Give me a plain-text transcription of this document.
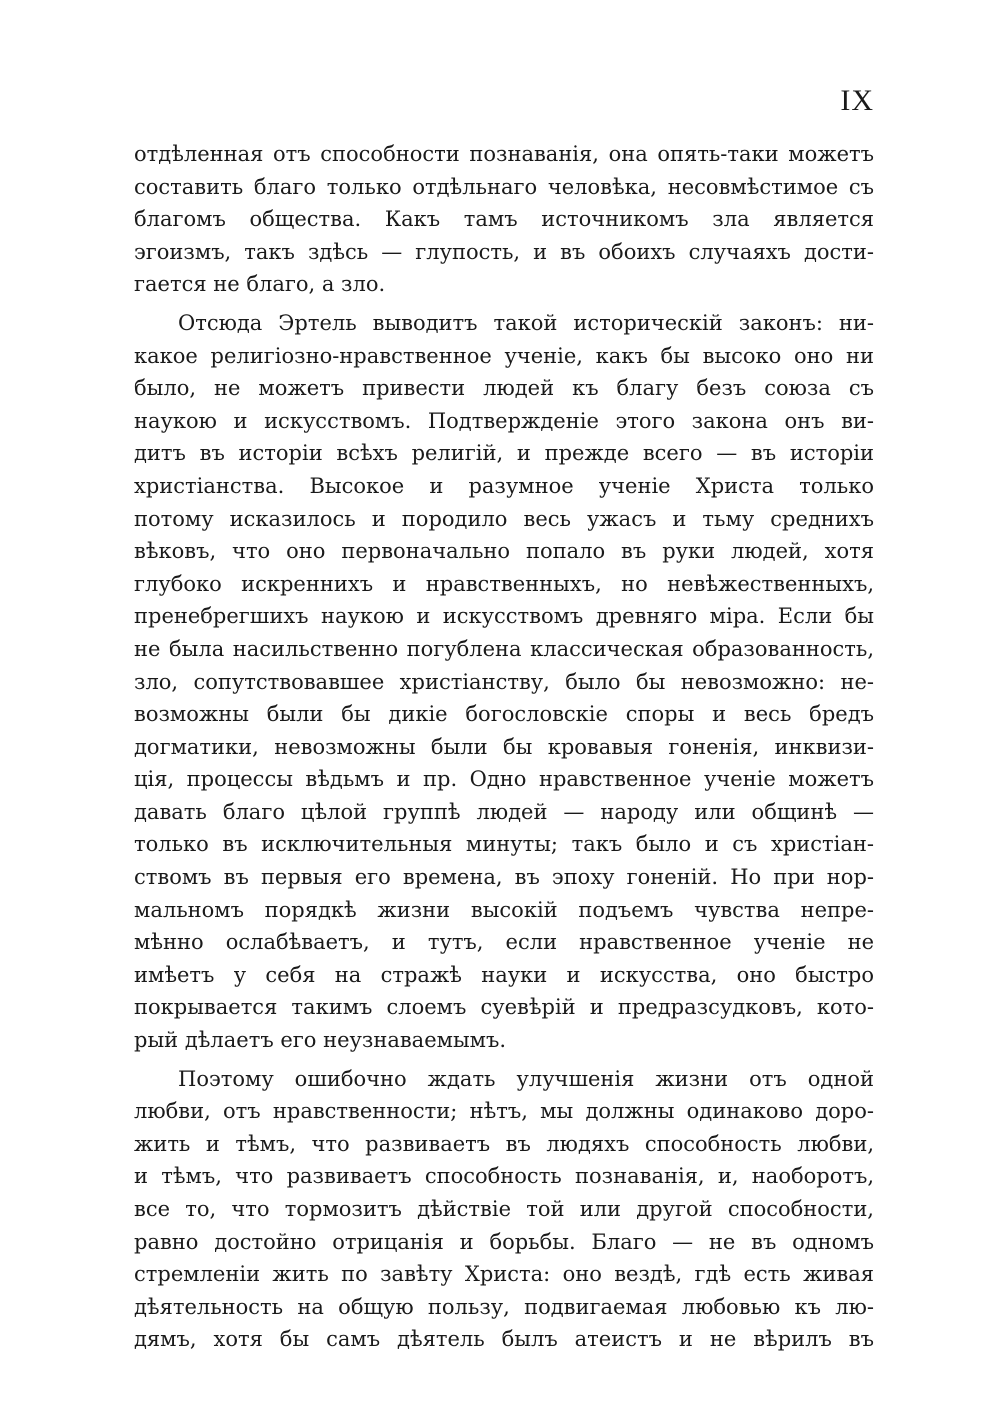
IX
отдѣленная отъ способности познаванія, она опять-таки можетъ
составить благо только отдѣльнаго человѣка, несовмѣстимое съ
благомъ общества. Какъ тамъ источникомъ зла является
эгоизмъ, такъ здѣсь — глупость, и въ обоихъ случаяхъ дости-
гается не благо, а зло.
Отсюда Эртель выводитъ такой историческій законъ: ни-
какое религіозно-нравственное ученіе, какъ бы высоко оно ни
было, не можетъ привести людей къ благу безъ союза съ
наукою и искусствомъ. Подтвержденіе этого закона онъ ви-
дитъ въ исторіи всѣхъ религій, и прежде всего — въ исторіи
христіанства. Высокое и разумное ученіе Христа только
потому исказилось и породило весь ужасъ и тьму среднихъ
вѣковъ, что оно первоначально попало въ руки людей, хотя
глубоко искреннихъ и нравственныхъ, но невѣжественныхъ,
пренебрегшихъ наукою и искусствомъ древняго міра. Если бы
не была насильственно погублена классическая образованность,
зло, сопутствовавшее христіанству, было бы невозможно: не-
возможны были бы дикіе богословскіе споры и весь бредъ
догматики, невозможны были бы кровавыя гоненія, инквизи-
ція, процессы вѣдьмъ и пр. Одно нравственное ученіе можетъ
давать благо цѣлой группѣ людей — народу или общинѣ —
только въ исключительныя минуты; такъ было и съ христіан-
ствомъ въ первыя его времена, въ эпоху гоненій. Но при нор-
мальномъ порядкѣ жизни высокій подъемъ чувства непре-
мѣнно ослабѣваетъ, и тутъ, если нравственное ученіе не
имѣетъ у себя на стражѣ науки и искусства, оно быстро
покрывается такимъ слоемъ суевѣрій и предразсудковъ, кото-
рый дѣлаетъ его неузнаваемымъ.
Поэтому ошибочно ждать улучшенія жизни отъ одной
любви, отъ нравственности; нѣтъ, мы должны одинаково доро-
жить и тѣмъ, что развиваетъ въ людяхъ способность любви,
и тѣмъ, что развиваетъ способность познаванія, и, наоборотъ,
все то, что тормозитъ дѣйствіе той или другой способности,
равно достойно отрицанія и борьбы. Благо — не въ одномъ
стремленіи жить по завѣту Христа: оно вездѣ, гдѣ есть живая
дѣятельность на общую пользу, подвигаемая любовью къ лю-
дямъ, хотя бы самъ дѣятель былъ атеистъ и не вѣрилъ въ
